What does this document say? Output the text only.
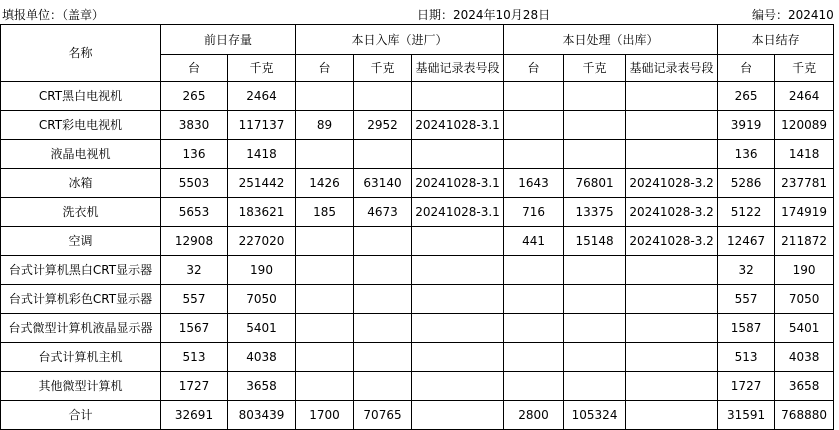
填报单位：（盖章）	日期：2024年10月28日	编号：202410
名称	前日存量		本日入库（进厂）			本日处理（出库）			本日结存	
	台	千克	台	千克	基础记录表号段	台	千克	基础记录表号段	台	千克
CRT黑白电视机	265	2464							265	2464
CRT彩电电视机	3830	117137	89	2952	20241028-3.1				3919	120089
液晶电视机	136	1418							136	1418
冰箱	5503	251442	1426	63140	20241028-3.1	1643	76801	20241028-3.2	5286	237781
洗衣机	5653	183621	185	4673	20241028-3.1	716	13375	20241028-3.2	5122	174919
空调	12908	227020				441	15148	20241028-3.2	12467	211872
台式计算机黑白CRT显示器	32	190							32	190
台式计算机彩色CRT显示器	557	7050							557	7050
台式微型计算机液晶显示器	1567	5401							1587	5401
台式计算机主机	513	4038							513	4038
其他微型计算机	1727	3658							1727	3658
合计	32691	803439	1700	70765		2800	105324		31591	768880
